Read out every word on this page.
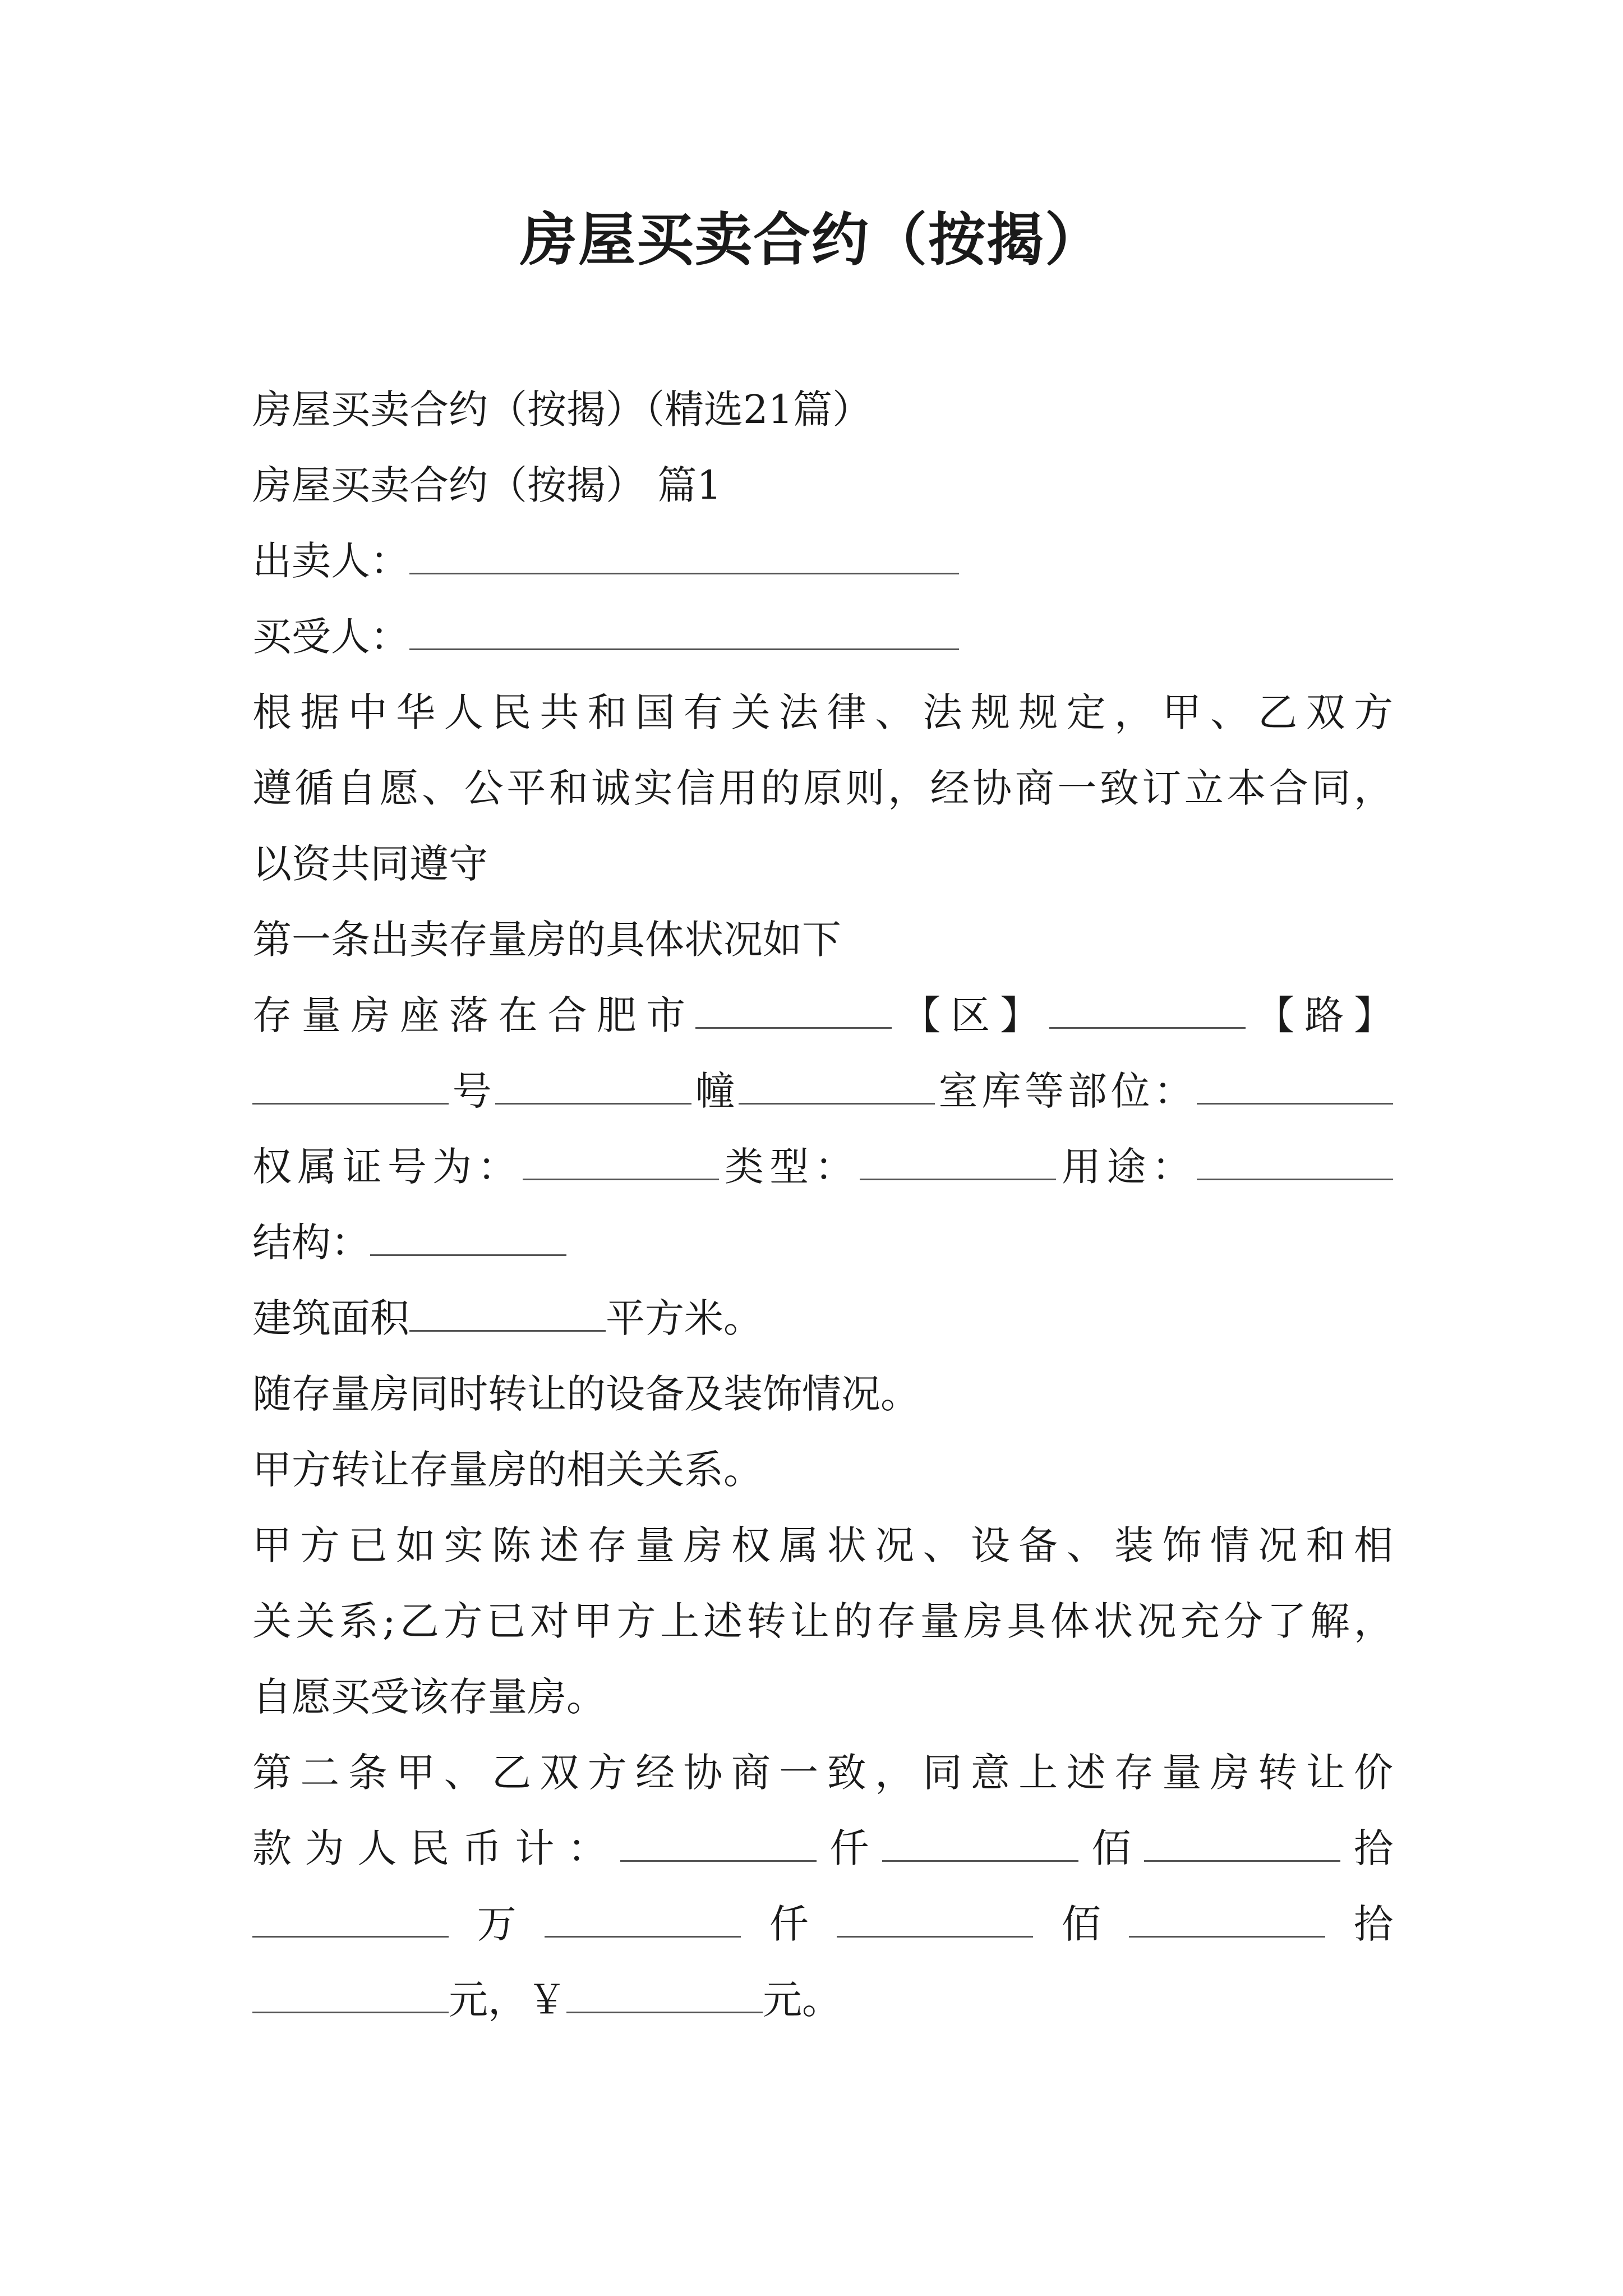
房屋买卖合约（按揭）

房屋买卖合约（按揭）（精选21篇）

房屋买卖合约（按揭） 篇1

出卖人：

买受人：

根据中华人民共和国有关法律、法规规定，甲、乙双方

遵循自愿、公平和诚实信用的原则，经协商一致订立本合同，

以资共同遵守

第一条出卖存量房的具体状况如下

存量房座落在合肥市	【区】	【路】

号	幢	室库等部位：

权属证号为：	类型：	用途：

结构：

建筑面积	平方米。

随存量房同时转让的设备及装饰情况。

甲方转让存量房的相关关系。

甲方已如实陈述存量房权属状况、设备、装饰情况和相

关关系;乙方已对甲方上述转让的存量房具体状况充分了解，

自愿买受该存量房。

第二条甲、乙双方经协商一致，同意上述存量房转让价

款为人民币计：	仟	佰	拾

万	仟	佰	拾

元，￥	元。
